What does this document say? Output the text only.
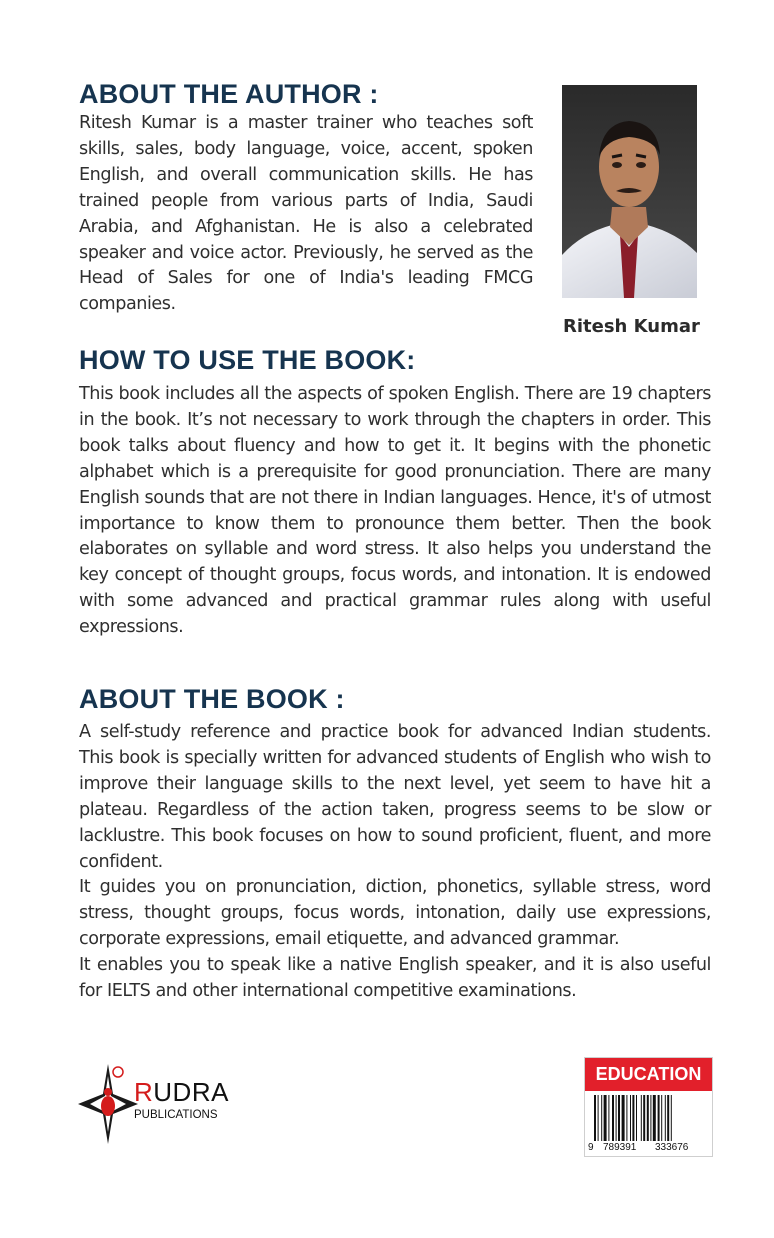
ABOUT THE AUTHOR :

Ritesh Kumar is a master trainer who teaches soft skills, sales, body language, voice, accent, spoken English, and overall communication skills. He has trained people from various parts of India, Saudi Arabia, and Afghanistan. He is also a celebrated speaker and voice actor. Previously, he served as the Head of Sales for one of India's leading FMCG companies.

Ritesh Kumar

HOW TO USE THE BOOK:

This book includes all the aspects of spoken English. There are 19 chapters in the book. It’s not necessary to work through the chapters in order. This book talks about fluency and how to get it. It begins with the phonetic alphabet which is a prerequisite for good pronunciation. There are many English sounds that are not there in Indian languages. Hence, it's of utmost importance to know them to pronounce them better. Then the book elaborates on syllable and word stress. It also helps you understand the key concept of thought groups, focus words, and intonation. It is endowed with some advanced and practical grammar rules along with useful expressions.

ABOUT THE BOOK :

A self-study reference and practice book for advanced Indian students. This book is specially written for advanced students of English who wish to improve their language skills to the next level, yet seem to have hit a plateau. Regardless of the action taken, progress seems to be slow or lacklustre. This book focuses on how to sound proficient, fluent, and more confident.

It guides you on pronunciation, diction, phonetics, syllable stress, word stress, thought groups, focus words, intonation, daily use expressions, corporate expressions, email etiquette, and advanced grammar.

It enables you to speak like a native English speaker, and it is also useful for IELTS and other international competitive examinations.

RUDRA

PUBLICATIONS

EDUCATION

9 789391 333676
